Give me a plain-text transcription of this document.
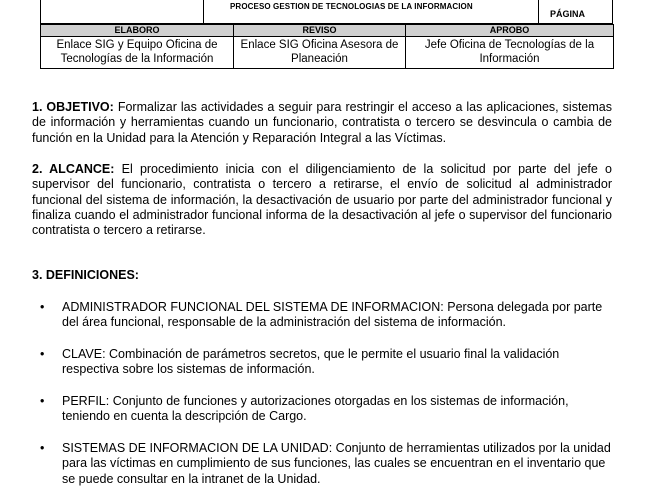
PROCESO GESTION DE TECNOLOGIAS DE LA INFORMACION
PÁGINA
ELABORO	REVISO	APROBO
Enlace SIG y Equipo Oficina de Tecnologías de la Información	Enlace SIG Oficina Asesora de Planeación	Jefe Oficina de Tecnologías de la Información

1. OBJETIVO: Formalizar las actividades a seguir para restringir el acceso a las aplicaciones, sistemas de información y herramientas cuando un funcionario, contratista o tercero se desvincula o cambia de función en la Unidad para la Atención y Reparación Integral a las Víctimas.

2. ALCANCE: El procedimiento inicia con el diligenciamiento de la solicitud por parte del jefe o supervisor del funcionario, contratista o tercero a retirarse, el envío de solicitud al administrador funcional del sistema de información, la desactivación de usuario por parte del administrador funcional y finaliza cuando el administrador funcional informa de la desactivación al jefe o supervisor del funcionario contratista o tercero a retirarse.

3. DEFINICIONES:
• ADMINISTRADOR FUNCIONAL DEL SISTEMA DE INFORMACION: Persona delegada por parte del área funcional, responsable de la administración del sistema de información.

• CLAVE: Combinación de parámetros secretos, que le permite el usuario final la validación respectiva sobre los sistemas de información.

• PERFIL: Conjunto de funciones y autorizaciones otorgadas en los sistemas de información, teniendo en cuenta la descripción de Cargo.

• SISTEMAS DE INFORMACION DE LA UNIDAD: Conjunto de herramientas utilizados por la unidad para las víctimas en cumplimiento de sus funciones, las cuales se encuentran en el inventario que se puede consultar en la intranet de la Unidad.
